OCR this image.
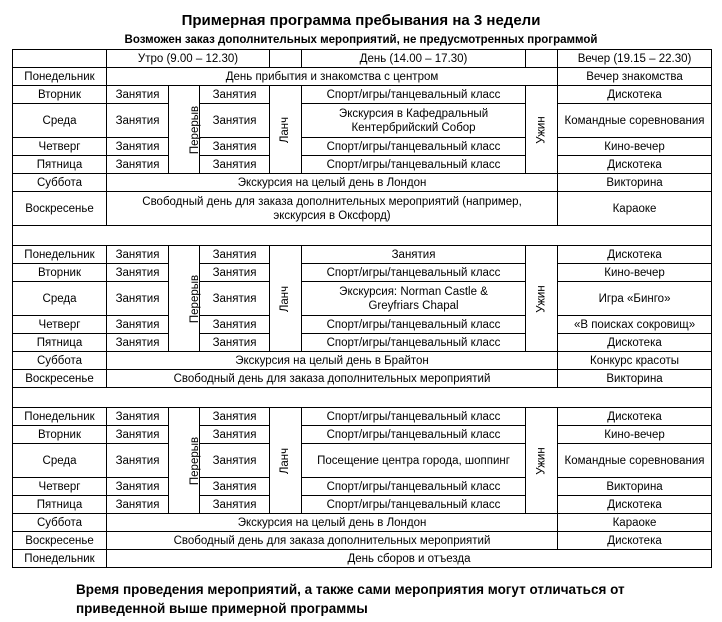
Примерная программа пребывания на 3 недели
Возможен заказ дополнительных мероприятий, не предусмотренных программой
	Утро (9.00 – 12.30)				День (14.00 – 17.30)		Вечер (19.15 – 22.30)
Понедельник	День прибытия и знакомства с центром						Вечер знакомства
Вторник	Занятия	Перерыв	Занятия	Ланч	Спорт/игры/танцевальный класс	Ужин	Дискотека
Среда	Занятия		Занятия		Экскурсия в Кафедральный Кентербрийский Собор		Командные соревнования
Четверг	Занятия		Занятия		Спорт/игры/танцевальный класс		Кино-вечер
Пятница	Занятия		Занятия		Спорт/игры/танцевальный класс		Дискотека
Суббота	Экскурсия на целый день в Лондон						Викторина
Воскресенье	Свободный день для заказа дополнительных мероприятий (например, экскурсия в Оксфорд)						Караоке

Понедельник	Занятия	Перерыв	Занятия	Ланч	Занятия	Ужин	Дискотека
Вторник	Занятия		Занятия		Спорт/игры/танцевальный класс		Кино-вечер
Среда	Занятия		Занятия		Экскурсия: Norman Castle & Greyfriars Chapal		Игра «Бинго»
Четверг	Занятия		Занятия		Спорт/игры/танцевальный класс		«В поисках сокровищ»
Пятница	Занятия		Занятия		Спорт/игры/танцевальный класс		Дискотека
Суббота	Экскурсия на целый день в Брайтон						Конкурс красоты
Воскресенье	Свободный день для заказа дополнительных мероприятий						Викторина

Понедельник	Занятия	Перерыв	Занятия	Ланч	Спорт/игры/танцевальный класс	Ужин	Дискотека
Вторник	Занятия		Занятия		Спорт/игры/танцевальный класс		Кино-вечер
Среда	Занятия		Занятия		Посещение центра города, шоппинг		Командные соревнования
Четверг	Занятия		Занятия		Спорт/игры/танцевальный класс		Викторина
Пятница	Занятия		Занятия		Спорт/игры/танцевальный класс		Дискотека
Суббота	Экскурсия на целый день в Лондон						Караоке
Воскресенье	Свободный день для заказа дополнительных мероприятий						Дискотека
Понедельник	День сборов и отъезда						
Время проведения мероприятий, а также сами мероприятия могут отличаться от приведенной выше примерной программы
